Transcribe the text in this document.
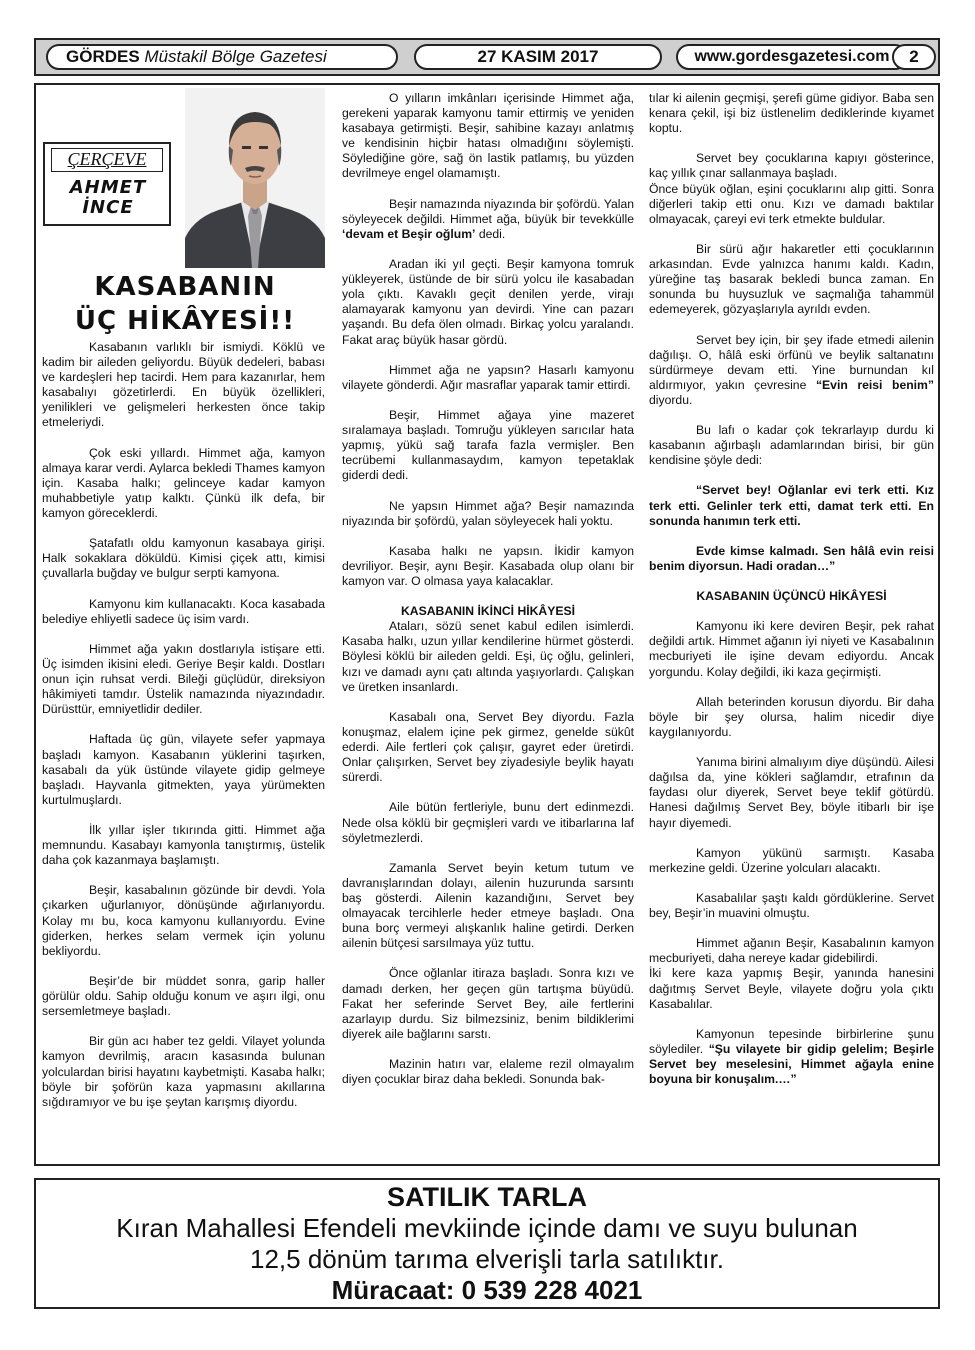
GÖRDES Müstakil Bölge Gazetesi	27 KASIM 2017	www.gordesgazetesi.com	2
ÇERÇEVE
AHMET
İNCE
KASABANIN
ÜÇ HİKÂYESİ!!

Kasabanın varlıklı bir ismiydi. Köklü ve kadim bir aileden geliyordu. Büyük dedeleri, babası ve kardeşleri hep tacirdi. Hem para kazanırlar, hem kasabalıyı gözetirlerdi. En büyük özellikleri, yenilikleri ve gelişmeleri herkesten önce takip etmeleriydi.

Çok eski yıllardı. Himmet ağa, kamyon almaya karar verdi. Aylarca bekledi Thames kamyon için. Kasaba halkı; gelinceye kadar kamyon muhabbetiyle yatıp kalktı. Çünkü ilk defa, bir kamyon göreceklerdi.

Şatafatlı oldu kamyonun kasabaya girişi. Halk sokaklara döküldü. Kimisi çiçek attı, kimisi çuvallarla buğday ve bulgur serpti kamyona.

Kamyonu kim kullanacaktı. Koca kasabada belediye ehliyetli sadece üç isim vardı.

Himmet ağa yakın dostlarıyla istişare etti. Üç isimden ikisini eledi. Geriye Beşir kaldı. Dostları onun için ruhsat verdi. Bileği güçlüdür, direksiyon hâkimiyeti tamdır. Üstelik namazında niyazındadır. Dürüsttür, emniyetlidir dediler.

Haftada üç gün, vilayete sefer yapmaya başladı kamyon. Kasabanın yüklerini taşırken, kasabalı da yük üstünde vilayete gidip gelmeye başladı. Hayvanla gitmekten, yaya yürümekten kurtulmuşlardı.

İlk yıllar işler tıkırında gitti. Himmet ağa memnundu. Kasabayı kamyonla tanıştırmış, üstelik daha çok kazanmaya başlamıştı.

Beşir, kasabalının gözünde bir devdi. Yola çıkarken uğurlanıyor, dönüşünde ağırlanıyordu. Kolay mı bu, koca kamyonu kullanıyordu. Evine giderken, herkes selam vermek için yolunu bekliyordu.

Beşir’de bir müddet sonra, garip haller görülür oldu. Sahip olduğu konum ve aşırı ilgi, onu sersemletmeye başladı.

Bir gün acı haber tez geldi. Vilayet yolunda kamyon devrilmiş, aracın kasasında bulunan yolculardan birisi hayatını kaybetmişti. Kasaba halkı; böyle bir şoförün kaza yapmasını akıllarına sığdıramıyor ve bu işe şeytan karışmış diyordu.

O yılların imkânları içerisinde Himmet ağa, gerekeni yaparak kamyonu tamir ettirmiş ve yeniden kasabaya getirmişti. Beşir, sahibine kazayı anlatmış ve kendisinin hiçbir hatası olmadığını söylemişti. Söylediğine göre, sağ ön lastik patlamış, bu yüzden devrilmeye engel olamamıştı.

Beşir namazında niyazında bir şofördü. Yalan söyleyecek değildi. Himmet ağa, büyük bir tevekkülle ‘devam et Beşir oğlum’ dedi.

Aradan iki yıl geçti. Beşir kamyona tomruk yükleyerek, üstünde de bir sürü yolcu ile kasabadan yola çıktı. Kavaklı geçit denilen yerde, virajı alamayarak kamyonu yan devirdi. Yine can pazarı yaşandı. Bu defa ölen olmadı. Birkaç yolcu yaralandı. Fakat araç büyük hasar gördü.

Himmet ağa ne yapsın? Hasarlı kamyonu vilayete gönderdi. Ağır masraflar yaparak tamir ettirdi.

Beşir, Himmet ağaya yine mazeret sıralamaya başladı. Tomruğu yükleyen sarıcılar hata yapmış, yükü sağ tarafa fazla vermişler. Ben tecrübemi kullanmasaydım, kamyon tepetaklak giderdi dedi.

Ne yapsın Himmet ağa? Beşir namazında niyazında bir şofördü, yalan söyleyecek hali yoktu.

Kasaba halkı ne yapsın. İkidir kamyon devriliyor. Beşir, aynı Beşir. Kasabada olup olanı bir kamyon var. O olmasa yaya kalacaklar.

KASABANIN İKİNCİ HİKÂYESİ

Ataları, sözü senet kabul edilen isimlerdi. Kasaba halkı, uzun yıllar kendilerine hürmet gösterdi. Böylesi köklü bir aileden geldi. Eşi, üç oğlu, gelinleri, kızı ve damadı aynı çatı altında yaşıyorlardı. Çalışkan ve üretken insanlardı.

Kasabalı ona, Servet Bey diyordu. Fazla konuşmaz, elalem içine pek girmez, genelde sükût ederdi. Aile fertleri çok çalışır, gayret eder üretirdi. Onlar çalışırken, Servet bey ziyadesiyle beylik hayatı sürerdi.

Aile bütün fertleriyle, bunu dert edinmezdi. Nede olsa köklü bir geçmişleri vardı ve itibarlarına laf söyletmezlerdi.

Zamanla Servet beyin ketum tutum ve davranışlarından dolayı, ailenin huzurunda sarsıntı baş gösterdi. Ailenin kazandığını, Servet bey olmayacak tercihlerle heder etmeye başladı. Ona buna borç vermeyi alışkanlık haline getirdi. Derken ailenin bütçesi sarsılmaya yüz tuttu.

Önce oğlanlar itiraza başladı. Sonra kızı ve damadı derken, her geçen gün tartışma büyüdü. Fakat her seferinde Servet Bey, aile fertlerini azarlayıp durdu. Siz bilmezsiniz, benim bildiklerimi diyerek aile bağlarını sarstı.

Mazinin hatırı var, elaleme rezil olmayalım diyen çocuklar biraz daha bekledi. Sonunda bak-

tılar ki ailenin geçmişi, şerefi güme gidiyor. Baba sen kenara çekil, işi biz üstlenelim dediklerinde kıyamet koptu.

Servet bey çocuklarına kapıyı gösterince, kaç yıllık çınar sallanmaya başladı.
Önce büyük oğlan, eşini çocuklarını alıp gitti. Sonra diğerleri takip etti onu. Kızı ve damadı baktılar olmayacak, çareyi evi terk etmekte buldular.

Bir sürü ağır hakaretler etti çocuklarının arkasından. Evde yalnızca hanımı kaldı. Kadın, yüreğine taş basarak bekledi bunca zaman. En sonunda bu huysuzluk ve saçmalığa tahammül edemeyerek, gözyaşlarıyla ayrıldı evden.

Servet bey için, bir şey ifade etmedi ailenin dağılışı. O, hâlâ eski örfünü ve beylik saltanatını sürdürmeye devam etti. Yine burnundan kıl aldırmıyor, yakın çevresine “Evin reisi benim” diyordu.

Bu lafı o kadar çok tekrarlayıp durdu ki kasabanın ağırbaşlı adamlarından birisi, bir gün kendisine şöyle dedi:

“Servet bey! Oğlanlar evi terk etti. Kız terk etti. Gelinler terk etti, damat terk etti. En sonunda hanımın terk etti.

Evde kimse kalmadı. Sen hâlâ evin reisi benim diyorsun. Hadi oradan…”

KASABANIN ÜÇÜNCÜ HİKÂYESİ

Kamyonu iki kere deviren Beşir, pek rahat değildi artık. Himmet ağanın iyi niyeti ve Kasabalının mecburiyeti ile işine devam ediyordu. Ancak yorgundu. Kolay değildi, iki kaza geçirmişti.

Allah beterinden korusun diyordu. Bir daha böyle bir şey olursa, halim nicedir diye kaygılanıyordu.

Yanıma birini almalıyım diye düşündü. Ailesi dağılsa da, yine kökleri sağlamdır, etrafının da faydası olur diyerek, Servet beye teklif götürdü. Hanesi dağılmış Servet Bey, böyle itibarlı bir işe hayır diyemedi.

Kamyon yükünü sarmıştı. Kasaba merkezine geldi. Üzerine yolcuları alacaktı.

Kasabalılar şaştı kaldı gördüklerine. Servet bey, Beşir’in muavini olmuştu.

Himmet ağanın Beşir, Kasabalının kamyon mecburiyeti, daha nereye kadar gidebilirdi.
İki kere kaza yapmış Beşir, yanında hanesini dağıtmış Servet Beyle, vilayete doğru yola çıktı Kasabalılar.

Kamyonun tepesinde birbirlerine şunu söylediler. “Şu vilayete bir gidip gelelim; Beşirle Servet bey meselesini, Himmet ağayla enine boyuna bir konuşalım.…”

SATILIK TARLA
Kıran Mahallesi Efendeli mevkiinde içinde damı ve suyu bulunan
12,5 dönüm tarıma elverişli tarla satılıktır.
Müracaat: 0 539 228 4021
